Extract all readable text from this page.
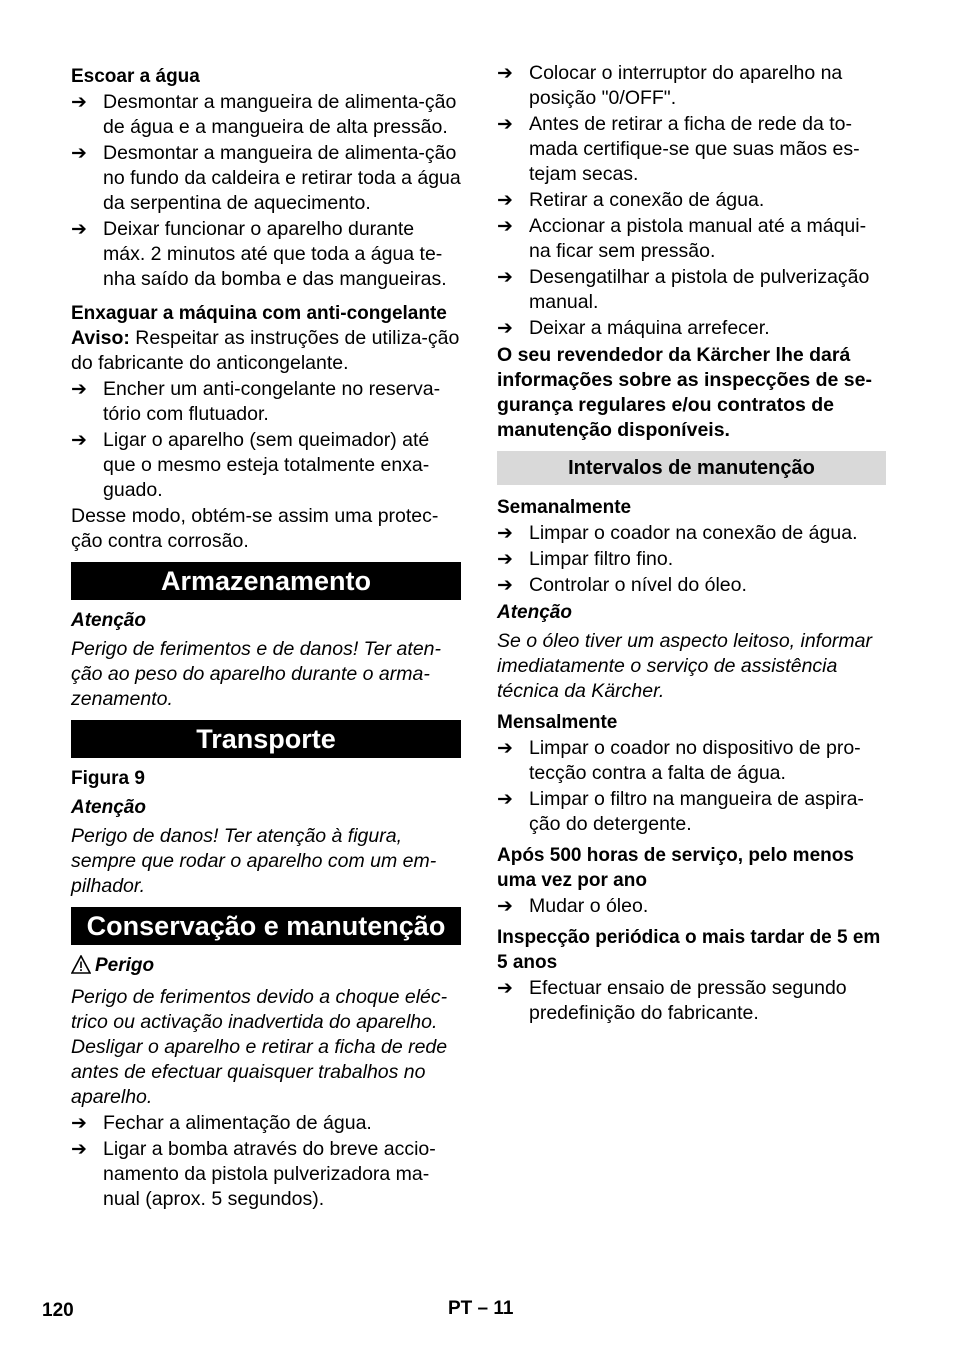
Escoar a água
➔ Desmontar a mangueira de alimenta-ção de água e a mangueira de alta pressão.
➔ Desmontar a mangueira de alimenta-ção no fundo da caldeira e retirar toda a água da serpentina de aquecimento.
➔ Deixar funcionar o aparelho durante máx. 2 minutos até que toda a água te-nha saído da bomba e das mangueiras.
Enxaguar a máquina com anti-congelante

Aviso: Respeitar as instruções de utiliza-ção do fabricante do anticongelante.

➔ Encher um anti-congelante no reserva-tório com flutuador.
➔ Ligar o aparelho (sem queimador) até que o mesmo esteja totalmente enxa-guado.

Desse modo, obtém-se assim uma protec-ção contra corrosão.

Armazenamento
Atenção

Perigo de ferimentos e de danos! Ter aten-ção ao peso do aparelho durante o arma-zenamento.

Transporte
Figura 9
Atenção

Perigo de danos! Ter atenção à figura, sempre que rodar o aparelho com um em-pilhador.

Conservação e manutenção
Perigo

Perigo de ferimentos devido a choque eléc-trico ou activação inadvertida do aparelho. Desligar o aparelho e retirar a ficha de rede antes de efectuar quaisquer trabalhos no aparelho.

➔ Fechar a alimentação de água.
➔ Ligar a bomba através do breve accio-namento da pistola pulverizadora ma-nual (aprox. 5 segundos).
➔ Colocar o interruptor do aparelho na posição "0/OFF".
➔ Antes de retirar a ficha de rede da to-mada certifique-se que suas mãos es-tejam secas.
➔ Retirar a conexão de água.
➔ Accionar a pistola manual até a máqui-na ficar sem pressão.
➔ Desengatilhar a pistola de pulverização manual.
➔ Deixar a máquina arrefecer.

O seu revendedor da Kärcher lhe dará informações sobre as inspecções de se-gurança regulares e/ou contratos de manutenção disponíveis.

Intervalos de manutenção
Semanalmente
➔ Limpar o coador na conexão de água.
➔ Limpar filtro fino.
➔ Controlar o nível do óleo.
Atenção

Se o óleo tiver um aspecto leitoso, informar imediatamente o serviço de assistência técnica da Kärcher.

Mensalmente
➔ Limpar o coador no dispositivo de pro-tecção contra a falta de água.
➔ Limpar o filtro na mangueira de aspira-ção do detergente.
Após 500 horas de serviço, pelo menos uma vez por ano
➔ Mudar o óleo.
Inspecção periódica o mais tardar de 5 em 5 anos
➔ Efectuar ensaio de pressão segundo predefinição do fabricante.
120	PT – 11
